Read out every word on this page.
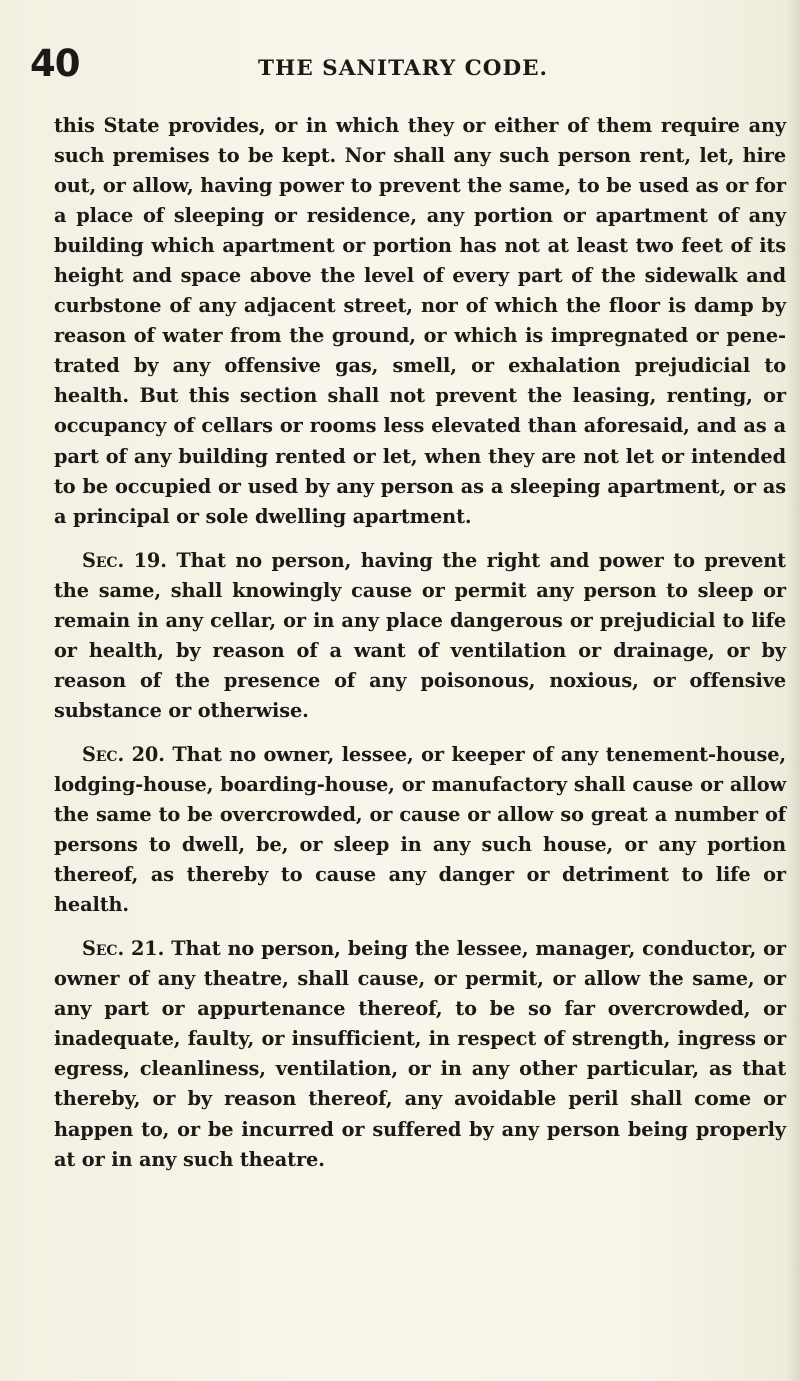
40	THE SANITARY CODE.

this State provides, or in which they or either of them require any such premises to be kept. Nor shall any such person rent, let, hire out, or allow, having power to prevent the same, to be used as or for a place of sleeping or residence, any portion or apartment of any building which apartment or portion has not at least two feet of its height and space above the level of every part of the sidewalk and curbstone of any adjacent street, nor of which the floor is damp by reason of water from the ground, or which is impregnated or penetrated by any offensive gas, smell, or exhalation prejudicial to health. But this section shall not prevent the leasing, renting, or occupancy of cellars or rooms less elevated than aforesaid, and as a part of any building rented or let, when they are not let or intended to be occupied or used by any person as a sleeping apartment, or as a principal or sole dwelling apartment.

Sec. 19. That no person, having the right and power to prevent the same, shall knowingly cause or permit any person to sleep or remain in any cellar, or in any place dangerous or prejudicial to life or health, by reason of a want of ventilation or drainage, or by reason of the presence of any poisonous, noxious, or offensive substance or otherwise.

Sec. 20. That no owner, lessee, or keeper of any tenement-house, lodging-house, boarding-house, or manufactory shall cause or allow the same to be overcrowded, or cause or allow so great a number of persons to dwell, be, or sleep in any such house, or any portion thereof, as thereby to cause any danger or detriment to life or health.

Sec. 21. That no person, being the lessee, manager, conductor, or owner of any theatre, shall cause, or permit, or allow the same, or any part or appurtenance thereof, to be so far overcrowded, or inadequate, faulty, or insufficient, in respect of strength, ingress or egress, cleanliness, ventilation, or in any other particular, as that thereby, or by reason thereof, any avoidable peril shall come or happen to, or be incurred or suffered by any person being properly at or in any such theatre.
